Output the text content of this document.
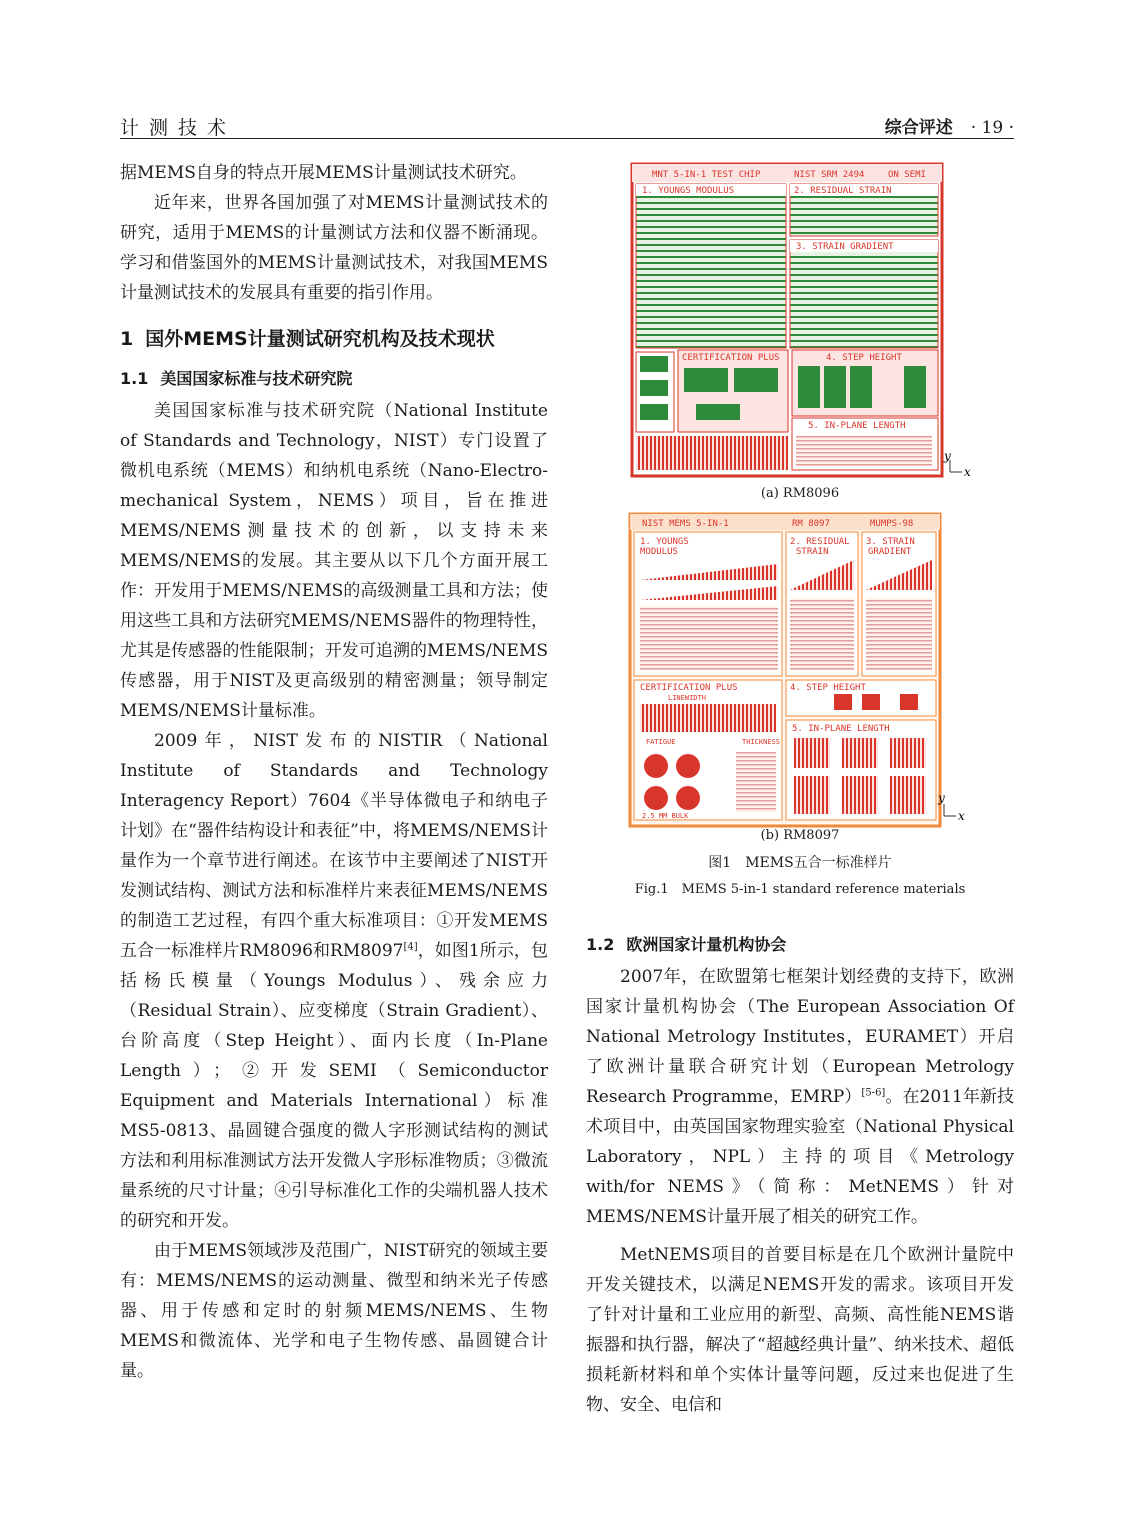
计测技术	综合评述 · 19 ·

据MEMS自身的特点开展MEMS计量测试技术研究。

近年来，世界各国加强了对MEMS计量测试技术的研究，适用于MEMS的计量测试方法和仪器不断涌现。学习和借鉴国外的MEMS计量测试技术，对我国MEMS计量测试技术的发展具有重要的指引作用。

1 国外MEMS计量测试研究机构及技术现状

1.1 美国国家标准与技术研究院

美国国家标准与技术研究院（National Institute of Standards and Technology，NIST）专门设置了微机电系统（MEMS）和纳机电系统（Nano-Electro-mechanical System，NEMS）项目，旨在推进MEMS/NEMS测量技术的创新，以支持未来MEMS/NEMS的发展。其主要从以下几个方面开展工作：开发用于MEMS/NEMS的高级测量工具和方法；使用这些工具和方法研究MEMS/NEMS器件的物理特性，尤其是传感器的性能限制；开发可追溯的MEMS/NEMS传感器，用于NIST及更高级别的精密测量；领导制定MEMS/NEMS计量标准。

2009年，NIST发布的NISTIR（National Institute of Standards and Technology Interagency Report）7604《半导体微电子和纳电子计划》在“器件结构设计和表征”中，将MEMS/NEMS计量作为一个章节进行阐述。在该节中主要阐述了NIST开发测试结构、测试方法和标准样片来表征MEMS/NEMS的制造工艺过程，有四个重大标准项目：①开发MEMS五合一标准样片RM8096和RM8097[4]，如图1所示，包括杨氏模量（Youngs Modulus）、残余应力（Residual Strain）、应变梯度（Strain Gradient）、台阶高度（Step Height）、面内长度（In-Plane Length）；②开发SEMI（Semiconductor Equipment and Materials International）标准MS5-0813、晶圆键合强度的微人字形测试结构的测试方法和利用标准测试方法开发微人字形标准物质；③微流量系统的尺寸计量；④引导标准化工作的尖端机器人技术的研究和开发。

由于MEMS领域涉及范围广，NIST研究的领域主要有：MEMS/NEMS的运动测量、微型和纳米光子传感器、用于传感和定时的射频MEMS/NEMS、生物MEMS和微流体、光学和电子生物传感、晶圆键合计量。

MNT 5-IN-1 TEST CHIP	NIST SRM 2494	ON SEMI
1. YOUNGS MODULUS	2. RESIDUAL STRAIN
3. STRAIN GRADIENT
CERTIFICATION PLUS	4. STEP HEIGHT
5. IN-PLANE LENGTH
x
y
NIST MEMS 5-IN-1	RM 8097	MUMPS-98
1. YOUNGS
MODULUS
2. RESIDUAL
STRAIN
3. STRAIN
GRADIENT
CERTIFICATION PLUS
LINEWIDTH
FATIGUE	THICKNESS
2.5 MM BULK
4. STEP HEIGHT
5. IN-PLANE LENGTH
x
y
(a) RM8096
(b) RM8097
图1　MEMS五合一标准样片
Fig.1　MEMS 5-in-1 standard reference materials

1.2 欧洲国家计量机构协会

2007年，在欧盟第七框架计划经费的支持下，欧洲国家计量机构协会（The European Association Of National Metrology Institutes，EURAMET）开启了欧洲计量联合研究计划（European Metrology Research Programme，EMRP）[5-6]。在2011年新技术项目中，由英国国家物理实验室（National Physical Laboratory，NPL）主持的项目《Metrology with/for NEMS》（简称：MetNEMS）针对MEMS/NEMS计量开展了相关的研究工作。

MetNEMS项目的首要目标是在几个欧洲计量院中开发关键技术，以满足NEMS开发的需求。该项目开发了针对计量和工业应用的新型、高频、高性能NEMS谐振器和执行器，解决了“超越经典计量”、纳米技术、超低损耗新材料和单个实体计量等问题，反过来也促进了生物、安全、电信和
